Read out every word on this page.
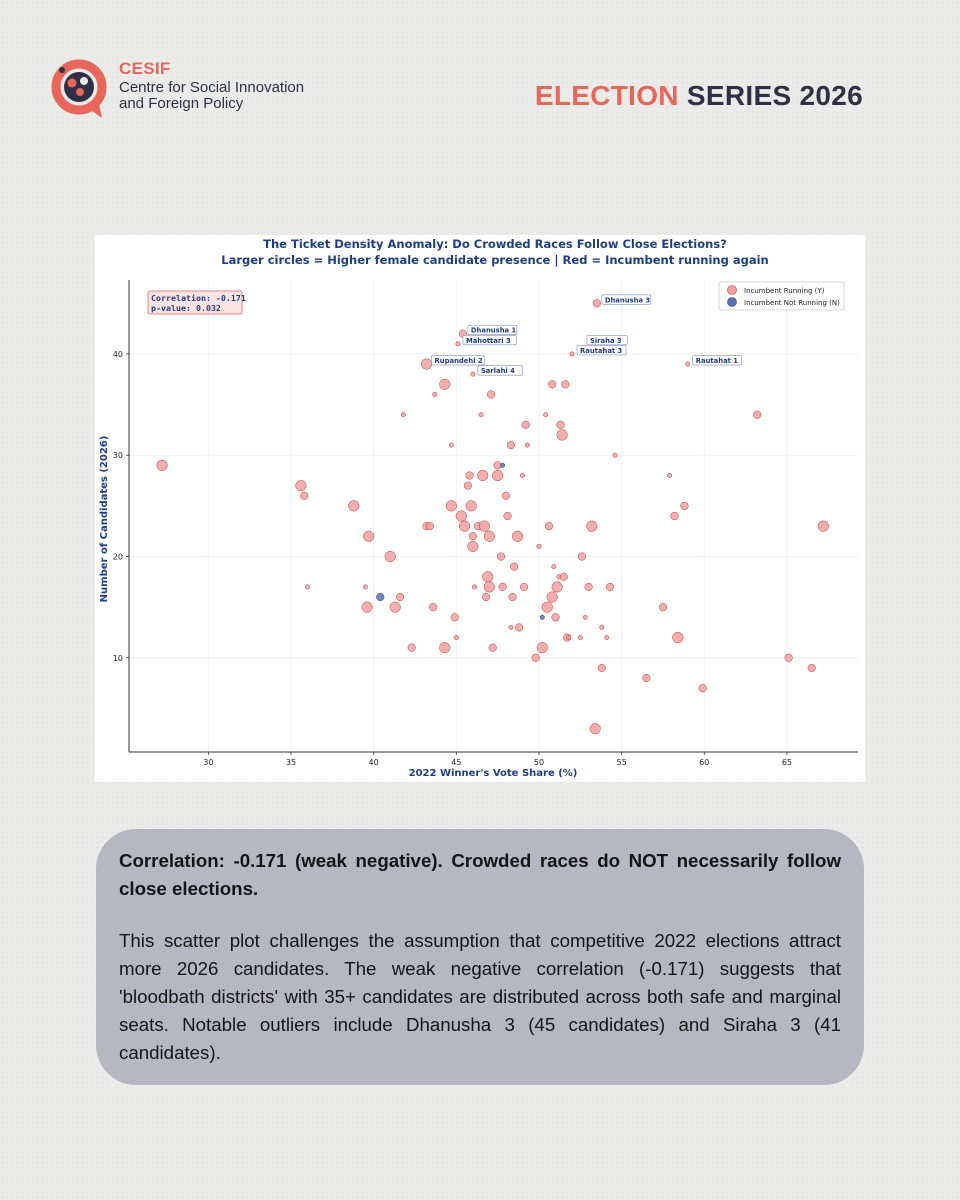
CESIF
Centre for Social Innovation
and Foreign Policy	ELECTION SERIES 2026
The Ticket Density Anomaly: Do Crowded Races Follow Close Elections?
Larger circles = Higher female candidate presence | Red = Incumbent running again
30	35	40	45	50	55	60	65
10
20
30
40
Dhanusha 3
Dhanusha 1
Mahottari 3	Siraha 3
Rautahat 3
Rupandehi 2	Rautahat 1
Sarlahi 4
2022 Winner's Vote Share (%)
Number of Candidates (2026)
Correlation: -0.171
p-value: 0.032
Incumbent Running (Y)
Incumbent Not Running (N)

Correlation: -0.171 (weak negative). Crowded races do NOT necessarily follow close elections.

This scatter plot challenges the assumption that competitive 2022 elections attract more 2026 candidates. The weak negative correlation (-0.171) suggests that 'bloodbath districts' with 35+ candidates are distributed across both safe and marginal seats. Notable outliers include Dhanusha 3 (45 candidates) and Siraha 3 (41 candidates).
